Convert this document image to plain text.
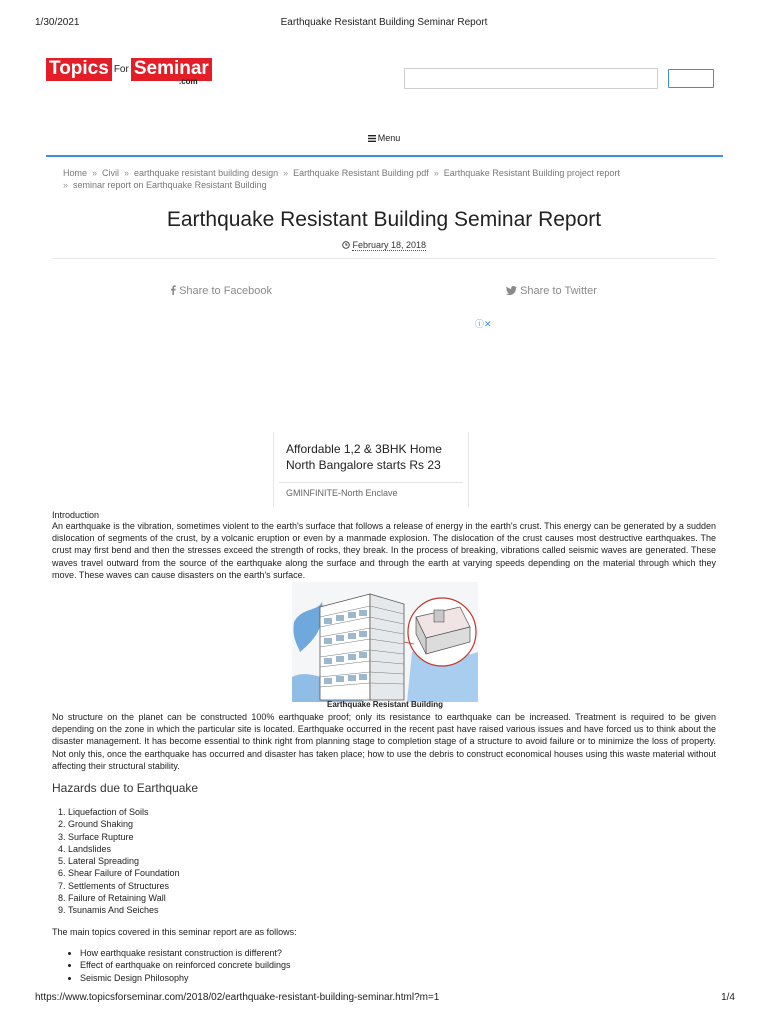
1/30/2021	Earthquake Resistant Building Seminar Report
Topics For Seminar
.com
Menu
Home » Civil » earthquake resistant building design » Earthquake Resistant Building pdf » Earthquake Resistant Building project report
» seminar report on Earthquake Resistant Building
Earthquake Resistant Building Seminar Report
February 18, 2018
Share to Facebook	Share to Twitter
ⓘ✕
Affordable 1,2 & 3BHK Home
North Bangalore starts Rs 23
GMINFINITE-North Enclave
Introduction
An earthquake is the vibration, sometimes violent to the earth's surface that follows a release of energy in the earth's crust. This energy can be generated by a sudden dislocation of segments of the crust, by a volcanic eruption or even by a manmade explosion. The dislocation of the crust causes most destructive earthquakes. The crust may first bend and then the stresses exceed the strength of rocks, they break. In the process of breaking, vibrations called seismic waves are generated. These waves travel outward from the source of the earthquake along the surface and through the earth at varying speeds depending on the material through which they move. These waves can cause disasters on the earth's surface.
Earthquake Resistant Building
No structure on the planet can be constructed 100% earthquake proof; only its resistance to earthquake can be increased. Treatment is required to be given depending on the zone in which the particular site is located. Earthquake occurred in the recent past have raised various issues and have forced us to think about the disaster management. It has become essential to think right from planning stage to completion stage of a structure to avoid failure or to minimize the loss of property. Not only this, once the earthquake has occurred and disaster has taken place; how to use the debris to construct economical houses using this waste material without affecting their structural stability.
Hazards due to Earthquake
1. Liquefaction of Soils
2. Ground Shaking
3. Surface Rupture
4. Landslides
5. Lateral Spreading
6. Shear Failure of Foundation
7. Settlements of Structures
8. Failure of Retaining Wall
9. Tsunamis And Seiches
The main topics covered in this seminar report are as follows:
• How earthquake resistant construction is different?
• Effect of earthquake on reinforced concrete buildings
• Seismic Design Philosophy
https://www.topicsforseminar.com/2018/02/earthquake-resistant-building-seminar.html?m=1	1/4
